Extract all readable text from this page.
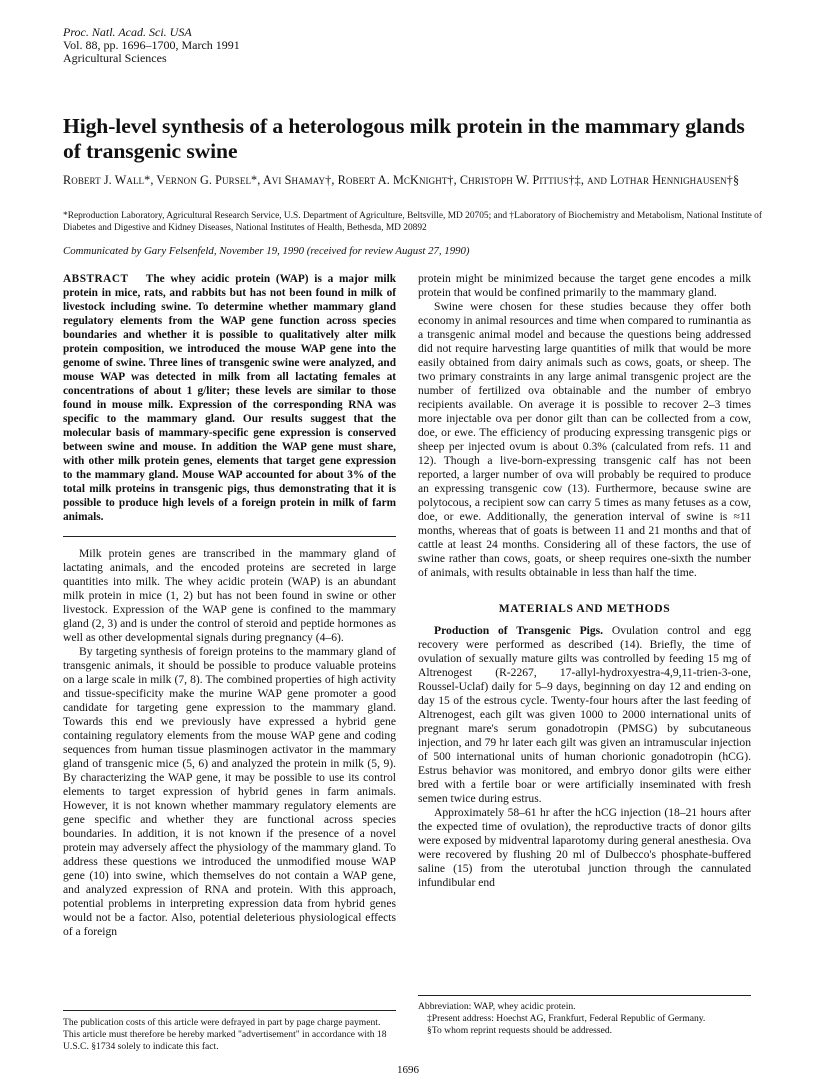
Proc. Natl. Acad. Sci. USA
Vol. 88, pp. 1696–1700, March 1991
Agricultural Sciences
High-level synthesis of a heterologous milk protein in the mammary glands of transgenic swine
Robert J. Wall*, Vernon G. Pursel*, Avi Shamay†, Robert A. McKnight†, Christoph W. Pittius†‡, and Lothar Hennighausen†§
*Reproduction Laboratory, Agricultural Research Service, U.S. Department of Agriculture, Beltsville, MD 20705; and †Laboratory of Biochemistry and Metabolism, National Institute of Diabetes and Digestive and Kidney Diseases, National Institutes of Health, Bethesda, MD 20892
Communicated by Gary Felsenfeld, November 19, 1990 (received for review August 27, 1990)

ABSTRACT The whey acidic protein (WAP) is a major milk protein in mice, rats, and rabbits but has not been found in milk of livestock including swine. To determine whether mammary gland regulatory elements from the WAP gene function across species boundaries and whether it is possible to qualitatively alter milk protein composition, we introduced the mouse WAP gene into the genome of swine. Three lines of transgenic swine were analyzed, and mouse WAP was detected in milk from all lactating females at concentrations of about 1 g/liter; these levels are similar to those found in mouse milk. Expression of the corresponding RNA was specific to the mammary gland. Our results suggest that the molecular basis of mammary-specific gene expression is conserved between swine and mouse. In addition the WAP gene must share, with other milk protein genes, elements that target gene expression to the mammary gland. Mouse WAP accounted for about 3% of the total milk proteins in transgenic pigs, thus demonstrating that it is possible to produce high levels of a foreign protein in milk of farm animals.

Milk protein genes are transcribed in the mammary gland of lactating animals, and the encoded proteins are secreted in large quantities into milk. The whey acidic protein (WAP) is an abundant milk protein in mice (1, 2) but has not been found in swine or other livestock. Expression of the WAP gene is confined to the mammary gland (2, 3) and is under the control of steroid and peptide hormones as well as other developmental signals during pregnancy (4–6).

By targeting synthesis of foreign proteins to the mammary gland of transgenic animals, it should be possible to produce valuable proteins on a large scale in milk (7, 8). The combined properties of high activity and tissue-specificity make the murine WAP gene promoter a good candidate for targeting gene expression to the mammary gland. Towards this end we previously have expressed a hybrid gene containing regulatory elements from the mouse WAP gene and coding sequences from human tissue plasminogen activator in the mammary gland of transgenic mice (5, 6) and analyzed the protein in milk (5, 9). By characterizing the WAP gene, it may be possible to use its control elements to target expression of hybrid genes in farm animals. However, it is not known whether mammary regulatory elements are gene specific and whether they are functional across species boundaries. In addition, it is not known if the presence of a novel protein may adversely affect the physiology of the mammary gland. To address these questions we introduced the unmodified mouse WAP gene (10) into swine, which themselves do not contain a WAP gene, and analyzed expression of RNA and protein. With this approach, potential problems in interpreting expression data from hybrid genes would not be a factor. Also, potential deleterious physiological effects of a foreign

protein might be minimized because the target gene encodes a milk protein that would be confined primarily to the mammary gland.

Swine were chosen for these studies because they offer both economy in animal resources and time when compared to ruminantia as a transgenic animal model and because the questions being addressed did not require harvesting large quantities of milk that would be more easily obtained from dairy animals such as cows, goats, or sheep. The two primary constraints in any large animal transgenic project are the number of fertilized ova obtainable and the number of embryo recipients available. On average it is possible to recover 2–3 times more injectable ova per donor gilt than can be collected from a cow, doe, or ewe. The efficiency of producing expressing transgenic pigs or sheep per injected ovum is about 0.3% (calculated from refs. 11 and 12). Though a live-born-expressing transgenic calf has not been reported, a larger number of ova will probably be required to produce an expressing transgenic cow (13). Furthermore, because swine are polytocous, a recipient sow can carry 5 times as many fetuses as a cow, doe, or ewe. Additionally, the generation interval of swine is ≈11 months, whereas that of goats is between 11 and 21 months and that of cattle at least 24 months. Considering all of these factors, the use of swine rather than cows, goats, or sheep requires one-sixth the number of animals, with results obtainable in less than half the time.

MATERIALS AND METHODS

Production of Transgenic Pigs. Ovulation control and egg recovery were performed as described (14). Briefly, the time of ovulation of sexually mature gilts was controlled by feeding 15 mg of Altrenogest (R-2267, 17-allyl-hydroxyestra-4,9,11-trien-3-one, Roussel-Uclaf) daily for 5–9 days, beginning on day 12 and ending on day 15 of the estrous cycle. Twenty-four hours after the last feeding of Altrenogest, each gilt was given 1000 to 2000 international units of pregnant mare's serum gonadotropin (PMSG) by subcutaneous injection, and 79 hr later each gilt was given an intramuscular injection of 500 international units of human chorionic gonadotropin (hCG). Estrus behavior was monitored, and embryo donor gilts were either bred with a fertile boar or were artificially inseminated with fresh semen twice during estrus.

Approximately 58–61 hr after the hCG injection (18–21 hours after the expected time of ovulation), the reproductive tracts of donor gilts were exposed by midventral laparotomy during general anesthesia. Ova were recovered by flushing 20 ml of Dulbecco's phosphate-buffered saline (15) from the uterotubal junction through the cannulated infundibular end

The publication costs of this article were defrayed in part by page charge payment. This article must therefore be hereby marked "advertisement" in accordance with 18 U.S.C. §1734 solely to indicate this fact.

Abbreviation: WAP, whey acidic protein.

‡Present address: Hoechst AG, Frankfurt, Federal Republic of Germany.

§To whom reprint requests should be addressed.

1696
